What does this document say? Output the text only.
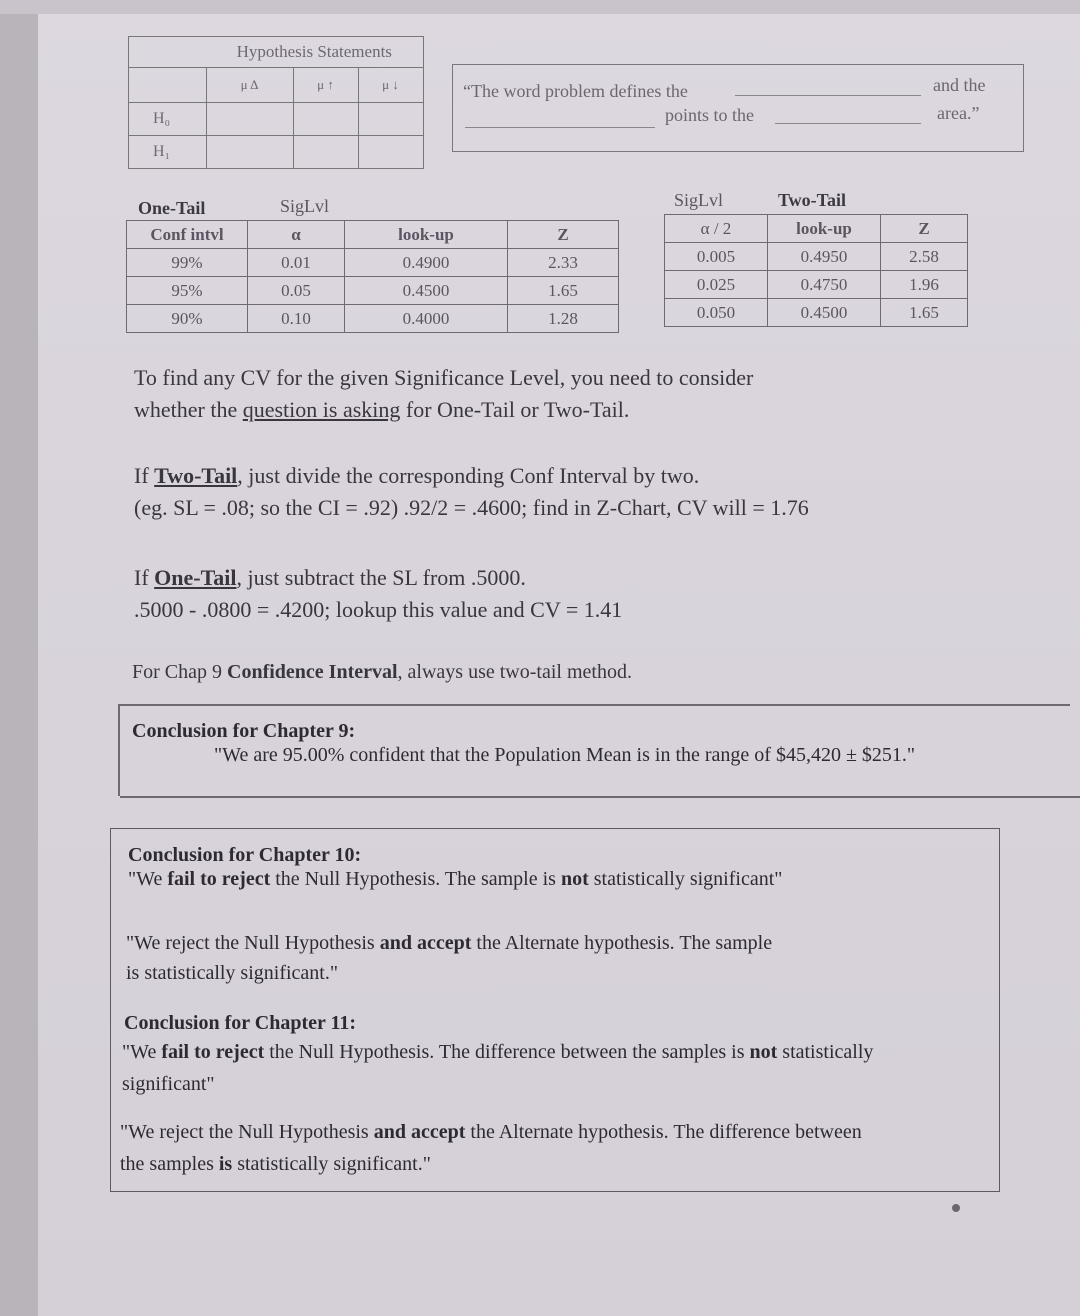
	Hypothesis Statements		
	μ Δ	μ ↑	μ ↓
H₀			
H₁			
“The word problem defines the	and the
points to the	area.”
One-Tail	SigLvl
Conf intvl	α	look-up	Z
99%	0.01	0.4900	2.33
95%	0.05	0.4500	1.65
90%	0.10	0.4000	1.28
SigLvl	Two-Tail
α / 2	look-up	Z
0.005	0.4950	2.58
0.025	0.4750	1.96
0.050	0.4500	1.65
To find any CV for the given Significance Level, you need to consider
whether the question is asking for One-Tail or Two-Tail.
If Two-Tail, just divide the corresponding Conf Interval by two.
(eg. SL = .08; so the CI = .92) .92/2 = .4600; find in Z-Chart, CV will = 1.76
If One-Tail, just subtract the SL from .5000.
.5000 - .0800 = .4200; lookup this value and CV = 1.41
For Chap 9 Confidence Interval, always use two-tail method.
Conclusion for Chapter 9:
"We are 95.00% confident that the Population Mean is in the range of $45,420 ± $251."
Conclusion for Chapter 10:
"We fail to reject the Null Hypothesis. The sample is not statistically significant"
"We reject the Null Hypothesis and accept the Alternate hypothesis. The sample
is statistically significant."
Conclusion for Chapter 11:
"We fail to reject the Null Hypothesis. The difference between the samples is not statistically
significant"
"We reject the Null Hypothesis and accept the Alternate hypothesis. The difference between
the samples is statistically significant."
